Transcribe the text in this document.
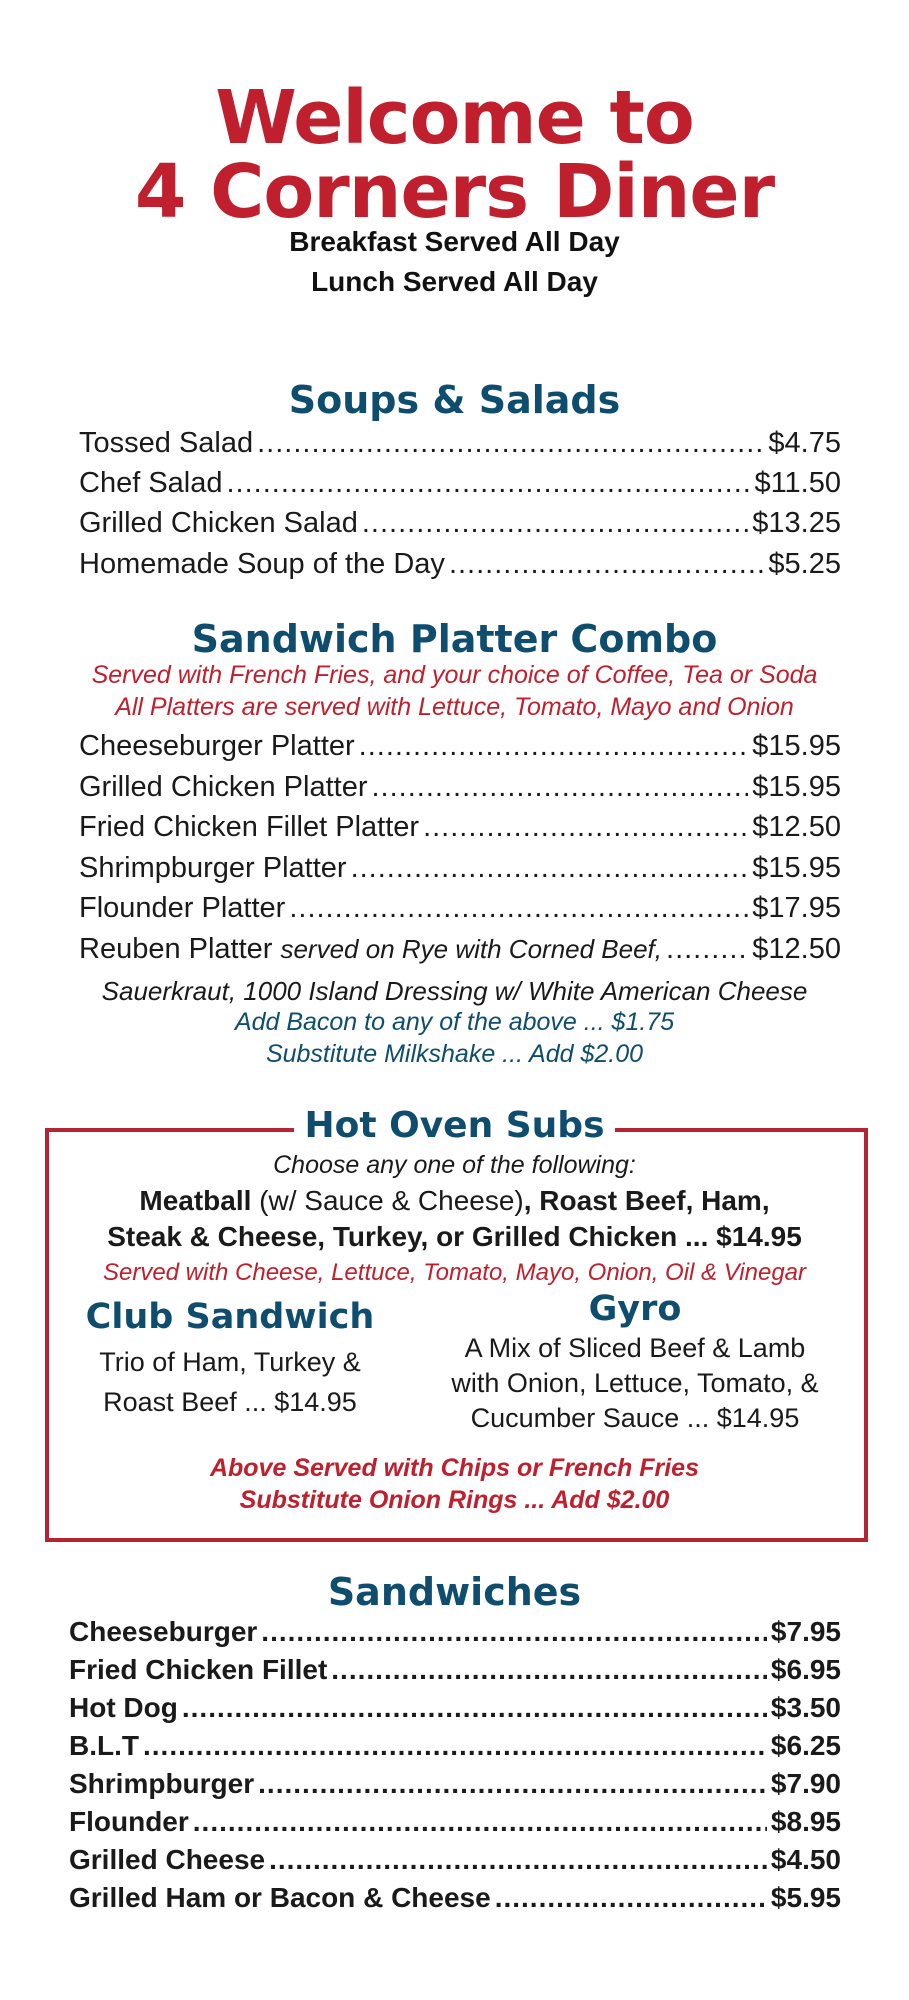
Welcome to
4 Corners Diner
Breakfast Served All Day
Lunch Served All Day
Soups & Salads
Tossed Salad .....	$4.75
Chef Salad .....	$11.50
Grilled Chicken Salad .....	$13.25
Homemade Soup of the Day .....	$5.25
Sandwich Platter Combo
Served with French Fries, and your choice of Coffee, Tea or Soda
All Platters are served with Lettuce, Tomato, Mayo and Onion
Cheeseburger Platter .....	$15.95
Grilled Chicken Platter .....	$15.95
Fried Chicken Fillet Platter .....	$12.50
Shrimpburger Platter .....	$15.95
Flounder Platter .....	$17.95
Reuben Platter served on Rye with Corned Beef, .....	$12.50
Sauerkraut, 1000 Island Dressing w/ White American Cheese
Add Bacon to any of the above ... $1.75
Substitute Milkshake ... Add $2.00
Hot Oven Subs
Choose any one of the following:
Meatball (w/ Sauce & Cheese), Roast Beef, Ham,
Steak & Cheese, Turkey, or Grilled Chicken ... $14.95
Served with Cheese, Lettuce, Tomato, Mayo, Onion, Oil & Vinegar
Club Sandwich
Trio of Ham, Turkey &
Roast Beef ... $14.95
Gyro
A Mix of Sliced Beef & Lamb
with Onion, Lettuce, Tomato, &
Cucumber Sauce ... $14.95
Above Served with Chips or French Fries
Substitute Onion Rings ... Add $2.00
Sandwiches
Cheeseburger .....	$7.95
Fried Chicken Fillet .....	$6.95
Hot Dog .....	$3.50
B.L.T .....	$6.25
Shrimpburger .....	$7.90
Flounder .....	$8.95
Grilled Cheese .....	$4.50
Grilled Ham or Bacon & Cheese .....	$5.95
